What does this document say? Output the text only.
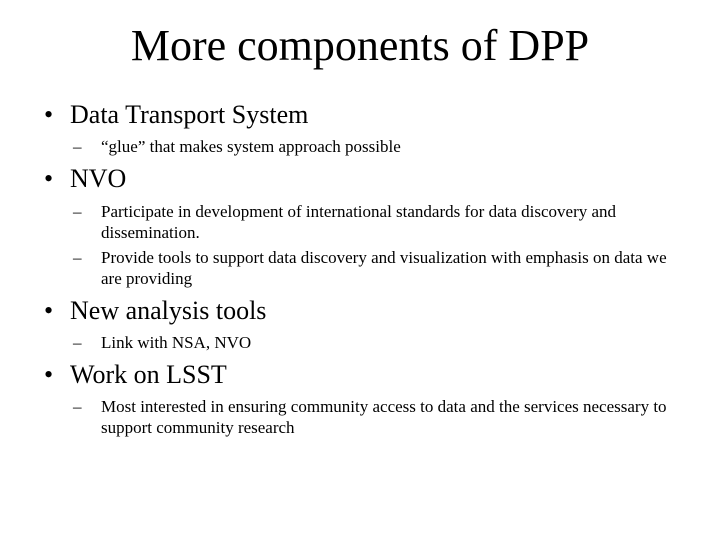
More components of DPP
• Data Transport System
– “glue” that makes system approach possible
• NVO
– Participate in development of international standards for data discovery and dissemination.
– Provide tools to support data discovery and visualization with emphasis on data we are providing
• New analysis tools
– Link with NSA, NVO
• Work on LSST
– Most interested in ensuring community access to data and the services necessary to support community research
